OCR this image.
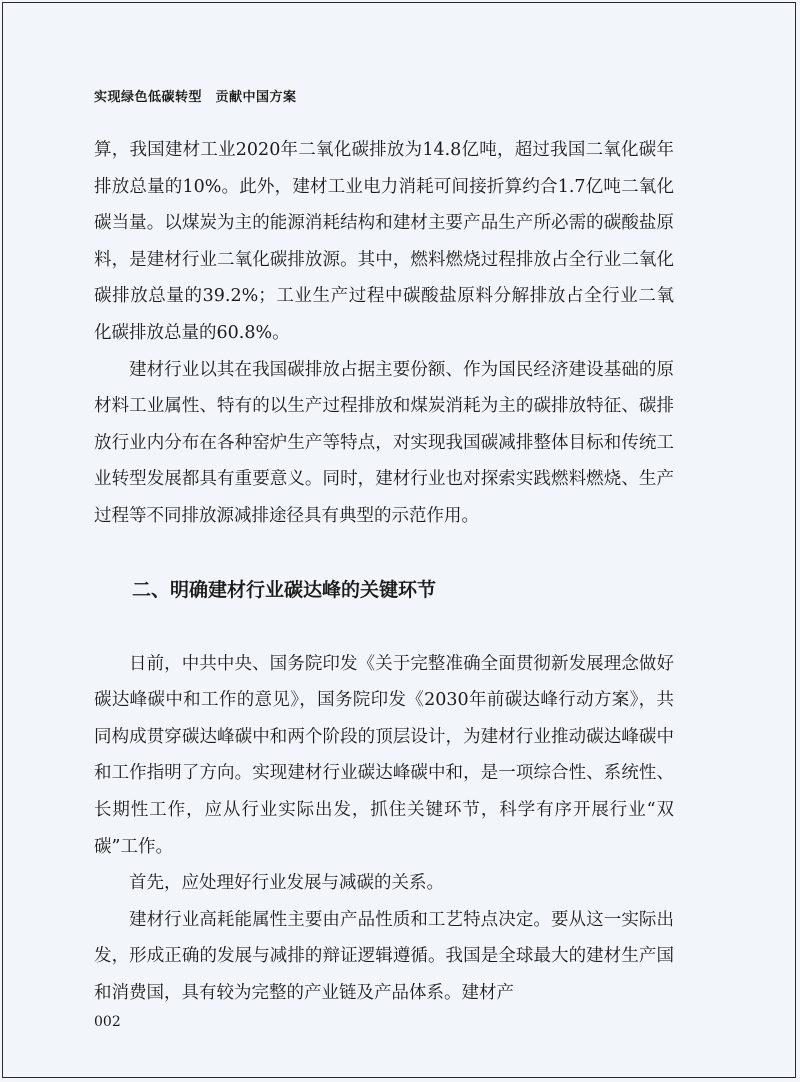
实现绿色低碳转型　贡献中国方案

算，我国建材工业2020年二氧化碳排放为14.8亿吨，超过我国二氧化碳年排放总量的10%。此外，建材工业电力消耗可间接折算约合1.7亿吨二氧化碳当量。以煤炭为主的能源消耗结构和建材主要产品生产所必需的碳酸盐原料，是建材行业二氧化碳排放源。其中，燃料燃烧过程排放占全行业二氧化碳排放总量的39.2%；工业生产过程中碳酸盐原料分解排放占全行业二氧化碳排放总量的60.8%。

建材行业以其在我国碳排放占据主要份额、作为国民经济建设基础的原材料工业属性、特有的以生产过程排放和煤炭消耗为主的碳排放特征、碳排放行业内分布在各种窑炉生产等特点，对实现我国碳减排整体目标和传统工业转型发展都具有重要意义。同时，建材行业也对探索实践燃料燃烧、生产过程等不同排放源减排途径具有典型的示范作用。

二、明确建材行业碳达峰的关键环节

日前，中共中央、国务院印发《关于完整准确全面贯彻新发展理念做好碳达峰碳中和工作的意见》，国务院印发《2030年前碳达峰行动方案》，共同构成贯穿碳达峰碳中和两个阶段的顶层设计，为建材行业推动碳达峰碳中和工作指明了方向。实现建材行业碳达峰碳中和，是一项综合性、系统性、长期性工作，应从行业实际出发，抓住关键环节，科学有序开展行业“双碳”工作。

首先，应处理好行业发展与减碳的关系。

建材行业高耗能属性主要由产品性质和工艺特点决定。要从这一实际出发，形成正确的发展与减排的辩证逻辑遵循。我国是全球最大的建材生产国和消费国，具有较为完整的产业链及产品体系。建材产

002
